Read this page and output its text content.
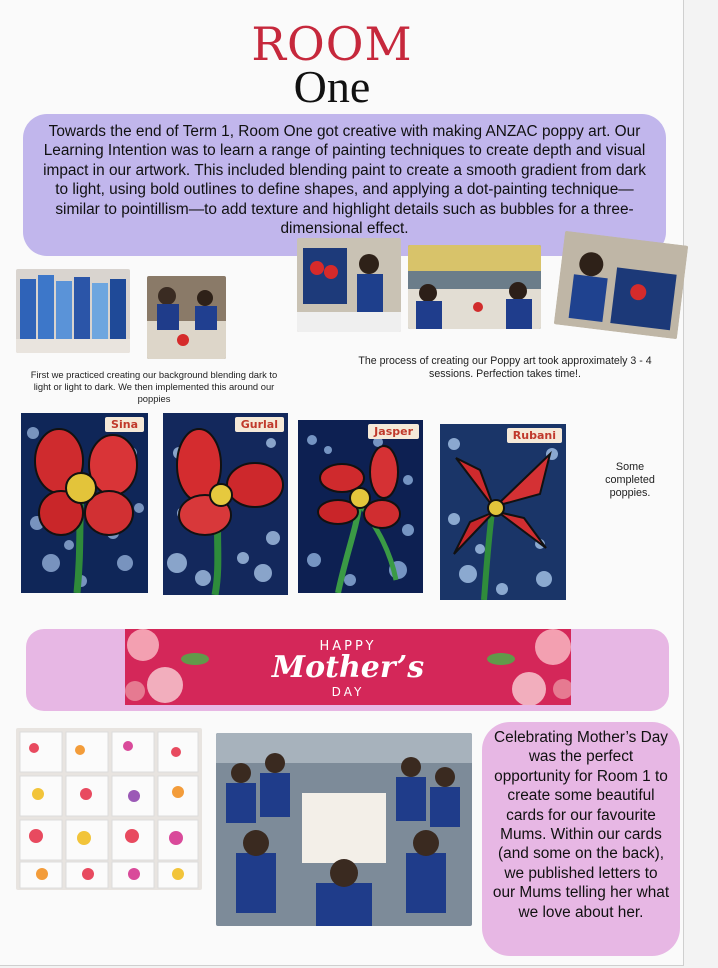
ROOM
One
Towards the end of Term 1, Room One got creative with making ANZAC poppy art. Our Learning Intention was to learn a range of painting techniques to create depth and visual impact in our artwork. This included blending paint to create a smooth gradient from dark to light, using bold outlines to define shapes, and applying a dot-painting technique—similar to pointillism—to add texture and highlight details such as bubbles for a three-dimensional effect.
First we practiced creating our background blending dark to light or light to dark. We then implemented this around our poppies
The process of creating our Poppy art took approximately 3 - 4 sessions. Perfection takes time!.
Sina	Gurlal
Jasper	Rubani
Some completed poppies.
HAPPY
Mother’s
DAY
Celebrating Mother’s Day was the perfect opportunity for Room 1 to create some beautiful cards for our favourite Mums. Within our cards (and some on the back), we published letters to our Mums telling her what we love about her.
